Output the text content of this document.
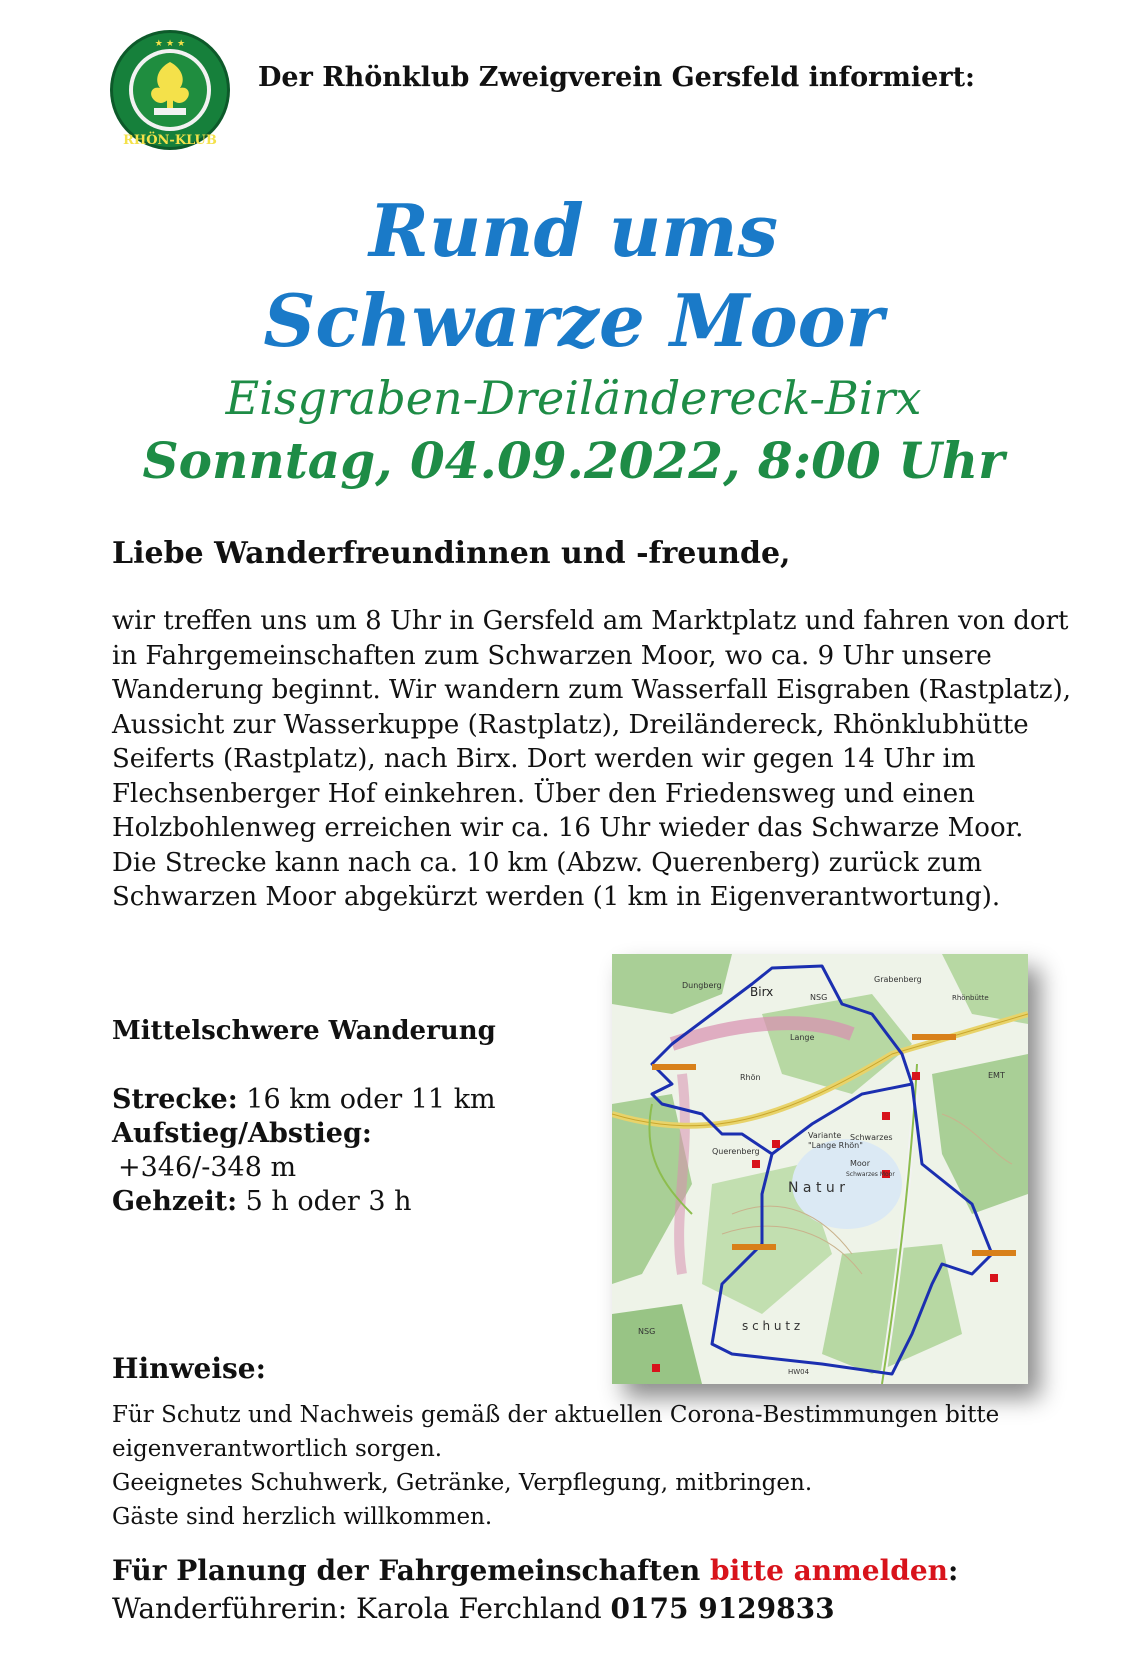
★ ★ ★
RHÖN-KLUB
Der Rhönklub Zweigverein Gersfeld informiert:
Rund ums
Schwarze Moor
Eisgraben-Dreiländereck-Birx
Sonntag, 04.09.2022, 8:00 Uhr
Liebe Wanderfreundinnen und -freunde,

wir treffen uns um 8 Uhr in Gersfeld am Marktplatz und fahren von dort in Fahrgemeinschaften zum Schwarzen Moor, wo ca. 9 Uhr unsere Wanderung beginnt. Wir wandern zum Wasserfall Eisgraben (Rastplatz), Aussicht zur Wasserkuppe (Rastplatz), Dreiländereck, Rhönklubhütte Seiferts (Rastplatz), nach Birx. Dort werden wir gegen 14 Uhr im Flechsenberger Hof einkehren. Über den Friedensweg und einen Holzbohlenweg erreichen wir ca. 16 Uhr wieder das Schwarze Moor.

Die Strecke kann nach ca. 10 km (Abzw. Querenberg) zurück zum Schwarzen Moor abgekürzt werden (1 km in Eigenverantwortung).

Mittelschwere Wanderung
Strecke: 16 km oder 11 km
Aufstieg/Abstieg:
+346/-348 m
Gehzeit: 5 h oder 3 h
Birx
Dungberg
Lange
Rhön
NSG
NSG
Grabenberg
Rhönbütte
Querenberg
Variante
"Lange Rhön"
Schwarzes
Moor
Schwarzes Moor
N a t u r
s c h u t z
EMT
HW04
Hinweise:
Für Schutz und Nachweis gemäß der aktuellen Corona-Bestimmungen bitte
eigenverantwortlich sorgen.
Geeignetes Schuhwerk, Getränke, Verpflegung, mitbringen.
Gäste sind herzlich willkommen.
Für Planung der Fahrgemeinschaften bitte anmelden:
Wanderführerin: Karola Ferchland 0175 9129833
